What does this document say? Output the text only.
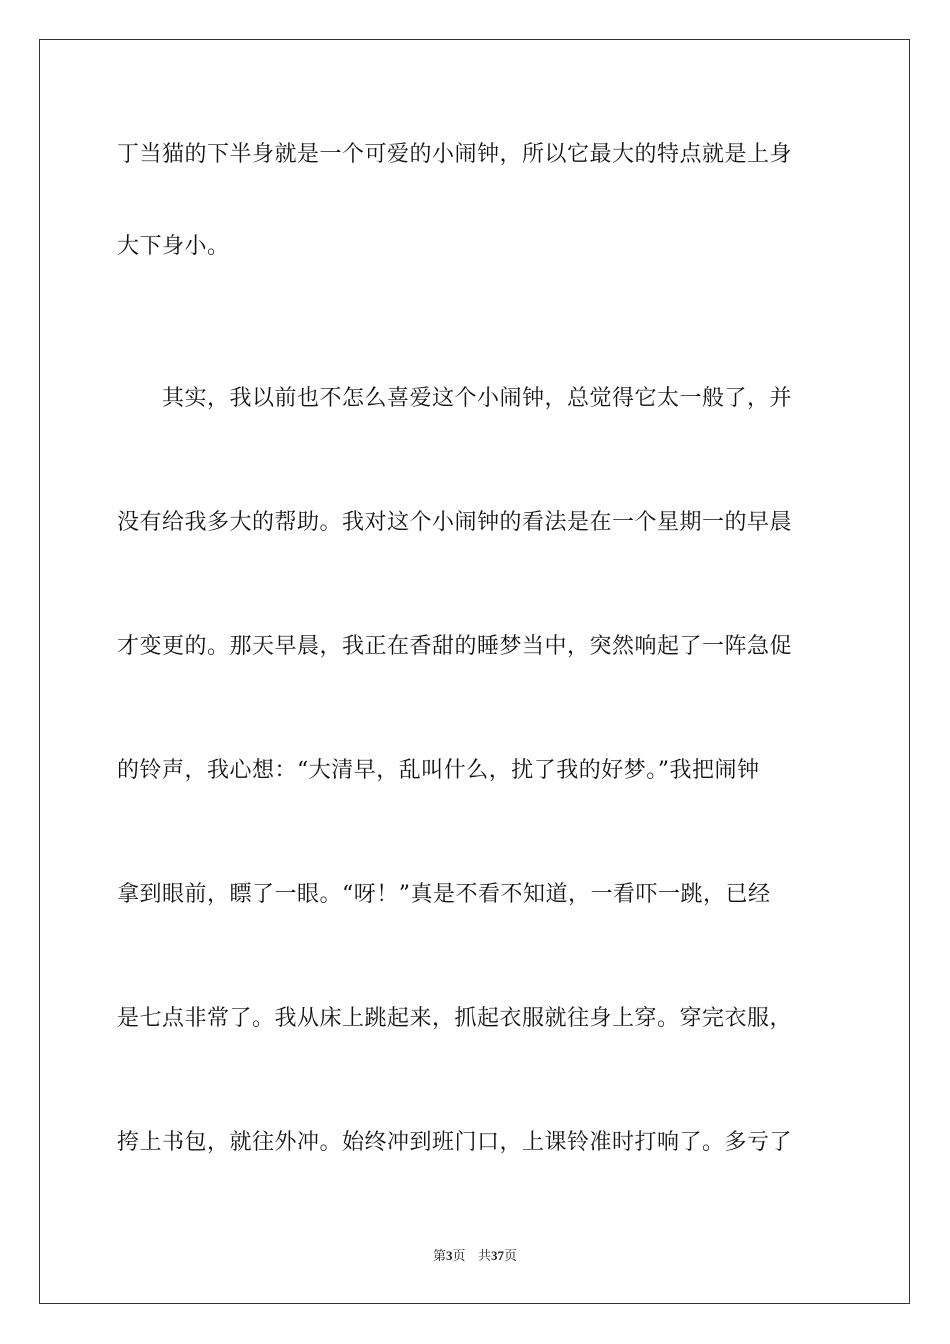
丁当猫的下半身就是一个可爱的小闹钟，所以它最大的特点就是上身
大下身小。
　　其实，我以前也不怎么喜爱这个小闹钟，总觉得它太一般了，并
没有给我多大的帮助。我对这个小闹钟的看法是在一个星期一的早晨
才变更的。那天早晨，我正在香甜的睡梦当中，突然响起了一阵急促
的铃声，我心想：“大清早，乱叫什么，扰了我的好梦。”我把闹钟
拿到眼前，瞟了一眼。“呀！”真是不看不知道，一看吓一跳，已经
是七点非常了。我从床上跳起来，抓起衣服就往身上穿。穿完衣服，
挎上书包，就往外冲。始终冲到班门口，上课铃准时打响了。多亏了
第3页 共37页
